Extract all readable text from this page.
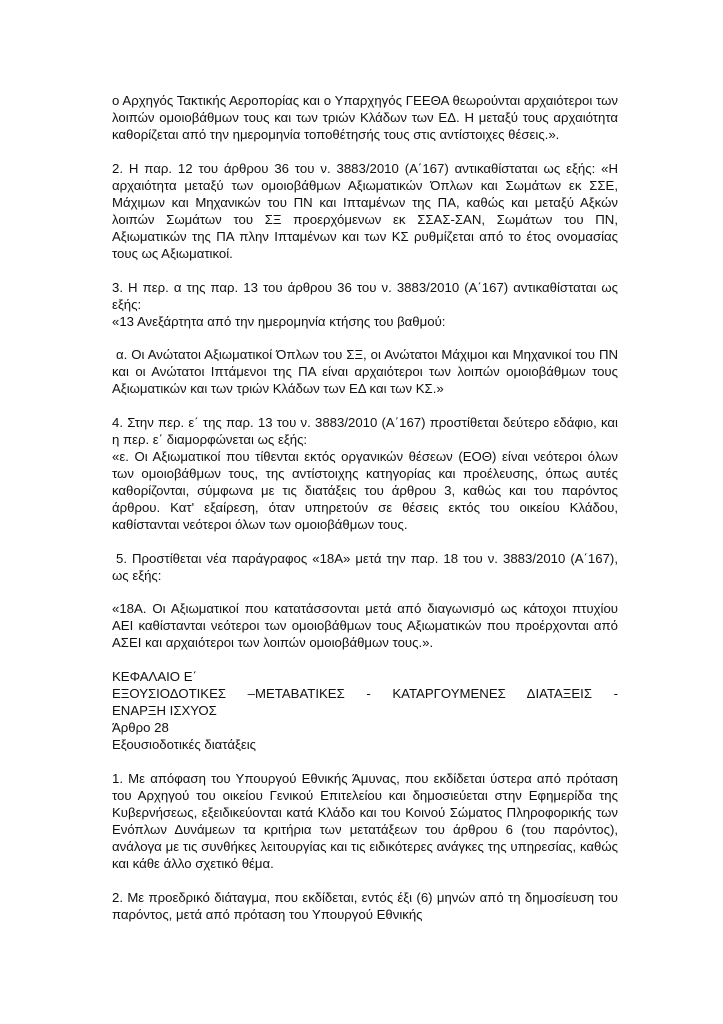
ο Αρχηγός Τακτικής Αεροπορίας και ο Υπαρχηγός ΓΕΕΘΑ θεωρούνται αρχαιότεροι των λοιπών ομοιοβάθμων τους και των τριών Κλάδων των ΕΔ. Η μεταξύ τους αρχαιότητα καθορίζεται από την ημερομηνία τοποθέτησής τους στις αντίστοιχες θέσεις.».

2. Η παρ. 12 του άρθρου 36 του ν. 3883/2010 (Α΄167) αντικαθίσταται ως εξής: «Η αρχαιότητα μεταξύ των ομοιοβάθμων Αξιωματικών Όπλων και Σωμάτων εκ ΣΣΕ, Μάχιμων και Μηχανικών του ΠΝ και Ιπταμένων της ΠΑ, καθώς και μεταξύ Αξκών λοιπών Σωμάτων του ΣΞ προερχόμενων εκ ΣΣΑΣ-ΣΑΝ, Σωμάτων του ΠΝ, Αξιωματικών της ΠΑ πλην Ιπταμένων και των ΚΣ ρυθμίζεται από το έτος ονομασίας τους ως Αξιωματικοί.

3. Η περ. α της παρ. 13 του άρθρου 36 του ν. 3883/2010 (Α΄167) αντικαθίσταται ως εξής:

«13 Ανεξάρτητα από την ημερομηνία κτήσης του βαθμού:

α. Οι Ανώτατοι Αξιωματικοί Όπλων του ΣΞ, οι Ανώτατοι Μάχιμοι και Μηχανικοί του ΠΝ και οι Ανώτατοι Ιπτάμενοι της ΠΑ είναι αρχαιότεροι των λοιπών ομοιοβάθμων τους Αξιωματικών και των τριών Κλάδων των ΕΔ και των ΚΣ.»

4. Στην περ. ε΄ της παρ. 13 του ν. 3883/2010 (Α΄167) προστίθεται δεύτερο εδάφιο, και η περ. ε΄ διαμορφώνεται ως εξής:

«ε. Οι Αξιωματικοί που τίθενται εκτός οργανικών θέσεων (ΕΟΘ) είναι νεότεροι όλων των ομοιοβάθμων τους, της αντίστοιχης κατηγορίας και προέλευσης, όπως αυτές καθορίζονται, σύμφωνα με τις διατάξεις του άρθρου 3, καθώς και του παρόντος άρθρου. Κατ' εξαίρεση, όταν υπηρετούν σε θέσεις εκτός του οικείου Κλάδου, καθίστανται νεότεροι όλων των ομοιοβάθμων τους.

5. Προστίθεται νέα παράγραφος «18Α» μετά την παρ. 18 του ν. 3883/2010 (Α΄167), ως εξής:

«18Α. Οι Αξιωματικοί που κατατάσσονται μετά από διαγωνισμό ως κάτοχοι πτυχίου ΑΕΙ καθίστανται νεότεροι των ομοιοβάθμων τους Αξιωματικών που προέρχονται από ΑΣΕΙ και αρχαιότεροι των λοιπών ομοιοβάθμων τους.».

ΚΕΦΑΛΑΙΟ Ε΄

ΕΞΟΥΣΙΟΔΟΤΙΚΕΣ –ΜΕΤΑΒΑΤΙΚΕΣ - ΚΑΤΑΡΓΟΥΜΕΝΕΣ ΔΙΑΤΑΞΕΙΣ -

ΕΝΑΡΞΗ ΙΣΧΥΟΣ

Άρθρο 28

Εξουσιοδοτικές διατάξεις

1. Με απόφαση του Υπουργού Εθνικής Άμυνας, που εκδίδεται ύστερα από πρόταση του Αρχηγού του οικείου Γενικού Επιτελείου και δημοσιεύεται στην Εφημερίδα της Κυβερνήσεως, εξειδικεύονται κατά Κλάδο και του Κοινού Σώματος Πληροφορικής των Ενόπλων Δυνάμεων τα κριτήρια των μετατάξεων του άρθρου 6 (του παρόντος), ανάλογα με τις συνθήκες λειτουργίας και τις ειδικότερες ανάγκες της υπηρεσίας, καθώς και κάθε άλλο σχετικό θέμα.

2. Με προεδρικό διάταγμα, που εκδίδεται, εντός έξι (6) μηνών από τη δημοσίευση του παρόντος, μετά από πρόταση του Υπουργού Εθνικής
